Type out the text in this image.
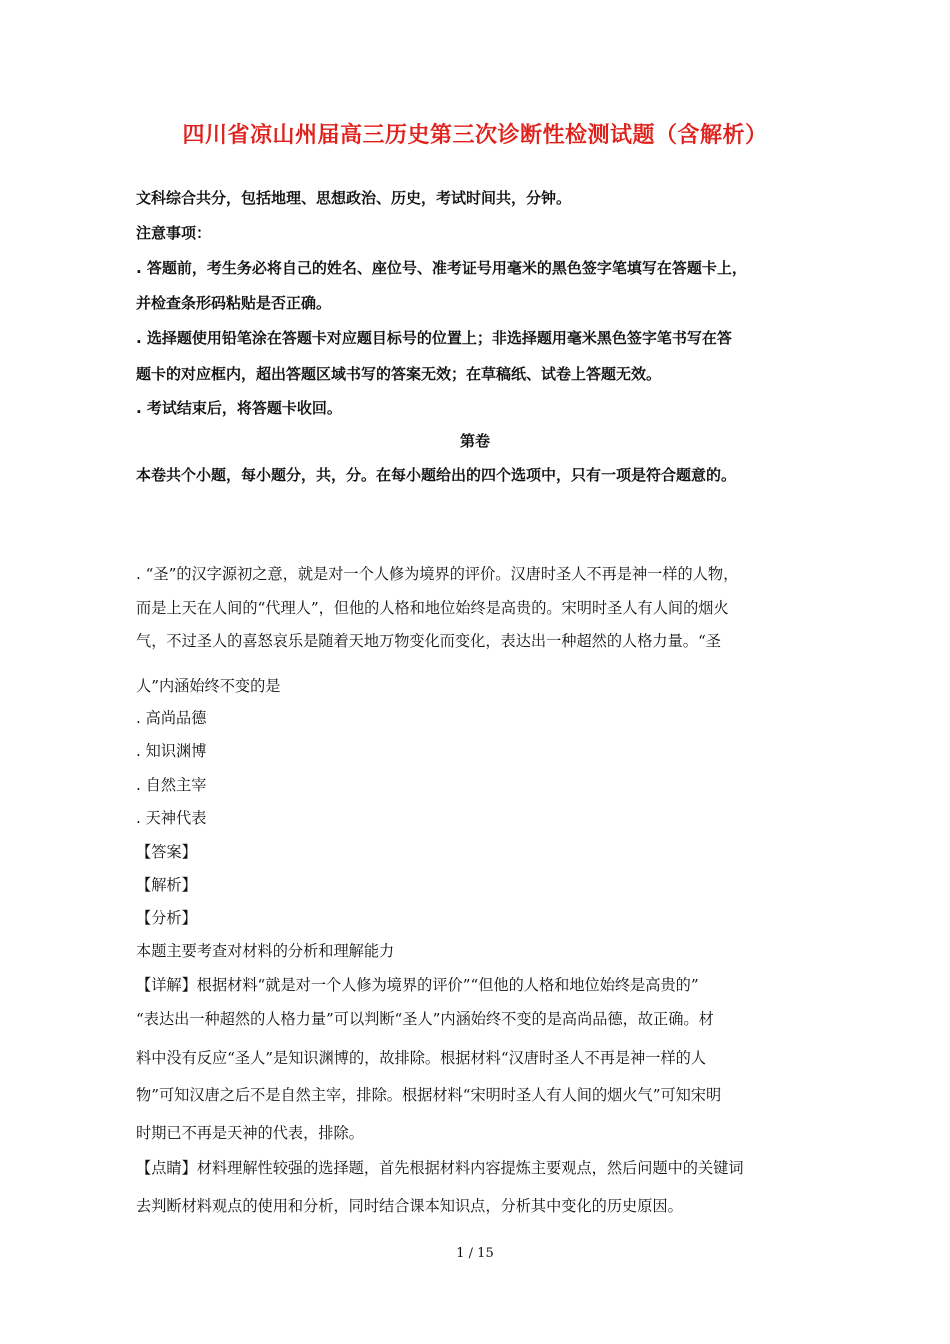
四川省凉山州届高三历史第三次诊断性检测试题（含解析）
文科综合共分，包括地理、思想政治、历史，考试时间共，分钟。
注意事项：
. 答题前，考生务必将自己的姓名、座位号、准考证号用毫米的黑色签字笔填写在答题卡上，
并检查条形码粘贴是否正确。
. 选择题使用铅笔涂在答题卡对应题目标号的位置上；非选择题用毫米黑色签字笔书写在答
题卡的对应框内，超出答题区域书写的答案无效；在草稿纸、试卷上答题无效。
. 考试结束后，将答题卡收回。
第卷
本卷共个小题，每小题分，共，分。在每小题给出的四个选项中，只有一项是符合题意的。
. “圣”的汉字源初之意，就是对一个人修为境界的评价。汉唐时圣人不再是神一样的人物，
而是上天在人间的“代理人”，但他的人格和地位始终是高贵的。宋明时圣人有人间的烟火
气，不过圣人的喜怒哀乐是随着天地万物变化而变化，表达出一种超然的人格力量。“圣
人”内涵始终不变的是
. 高尚品德
. 知识渊博
. 自然主宰
. 天神代表
【答案】
【解析】
【分析】
本题主要考查对材料的分析和理解能力
【详解】根据材料“就是对一个人修为境界的评价”“但他的人格和地位始终是高贵的”
“表达出一种超然的人格力量”可以判断“圣人”内涵始终不变的是高尚品德，故正确。材
料中没有反应“圣人”是知识渊博的，故排除。根据材料“汉唐时圣人不再是神一样的人
物”可知汉唐之后不是自然主宰，排除。根据材料“宋明时圣人有人间的烟火气”可知宋明
时期已不再是天神的代表，排除。
【点睛】材料理解性较强的选择题，首先根据材料内容提炼主要观点，然后问题中的关键词
去判断材料观点的使用和分析，同时结合课本知识点，分析其中变化的历史原因。
1 / 15
